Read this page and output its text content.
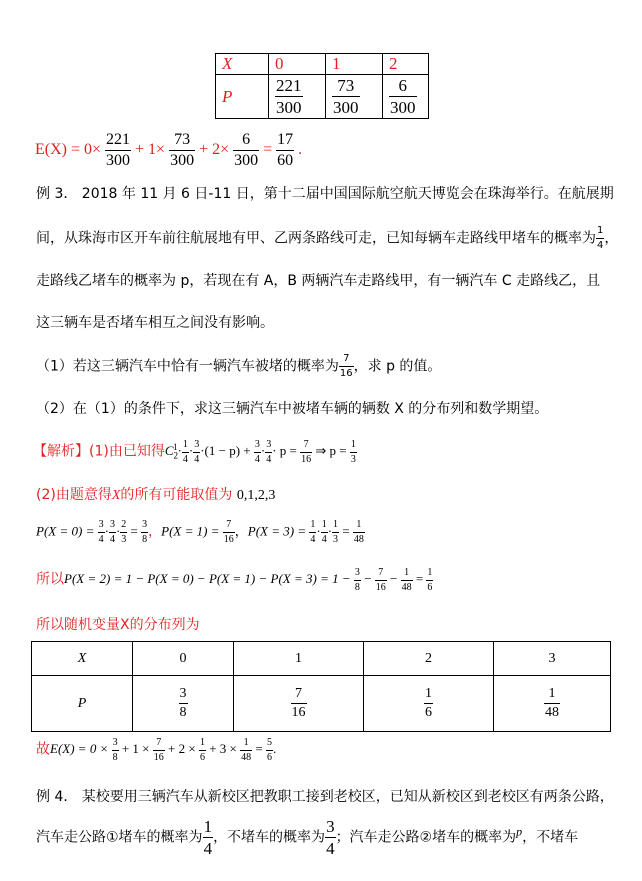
X	0	1	2
P	$\frac{221}{300}$	$\frac{73}{300}$	$\frac{6}{300}$
$E(X) = 0\times \frac{221}{300} + 1\times \frac{73}{300} + 2\times \frac{6}{300} = \frac{17}{60}$ .
例 3． 2018 年 11 月 6 日-11 日，第十二届中国国际航空航天博览会在珠海举行。在航展期
间，从珠海市区开车前往航展地有甲、乙两条路线可走，已知每辆车走路线甲堵车的概率为 $\frac{1}{4}$ ，
走路线乙堵车的概率为 p，若现在有 A，B 两辆汽车走路线甲，有一辆汽车 C 走路线乙，且
这三辆车是否堵车相互之间没有影响。
（1）若这三辆汽车中恰有一辆汽车被堵的概率为 $\frac{7}{16}$ ，求 p 的值。
（2）在（1）的条件下，求这三辆汽车中被堵车辆的辆数 X 的分布列和数学期望。
【解析】(1)由已知得$C_2^1\cdot \frac{1}{4} \cdot \frac{3}{4} \cdot(1 - p) + \frac{3}{4} \cdot \frac{3}{4} \cdot p = \frac{7}{16}$ ⇒ $p = \frac{1}{3}$
(2)由题意得X的所有可能取值为 0,1,2,3
$P(X = 0) = \frac{3}{4} \cdot \frac{3}{4} \cdot \frac{2}{3} = \frac{3}{8}$ ，$P(X = 1) = \frac{7}{16}$ ，$P(X = 3) = \frac{1}{4} \cdot \frac{1}{4} \cdot \frac{1}{3} = \frac{1}{48}$
所以$P(X = 2) = 1 - P(X = 0) - P(X = 1) - P(X = 3) = 1 - \frac{3}{8} - \frac{7}{16} - \frac{1}{48} = \frac{1}{6}$
所以随机变量X的分布列为
X	0	1	2	3
P	$\frac{3}{8}$	$\frac{7}{16}$	$\frac{1}{6}$	$\frac{1}{48}$
故$E(X) = 0 \times \frac{3}{8} + 1 \times \frac{7}{16} + 2 \times \frac{1}{6} + 3 \times \frac{1}{48} = \frac{5}{6}$ .
例 4． 某校要用三辆汽车从新校区把教职工接到老校区，已知从新校区到老校区有两条公路，
汽车走公路①堵车的概率为 $\frac{1}{4}$ ，不堵车的概率为 $\frac{3}{4}$ ；汽车走公路②堵车的概率为p，不堵车
